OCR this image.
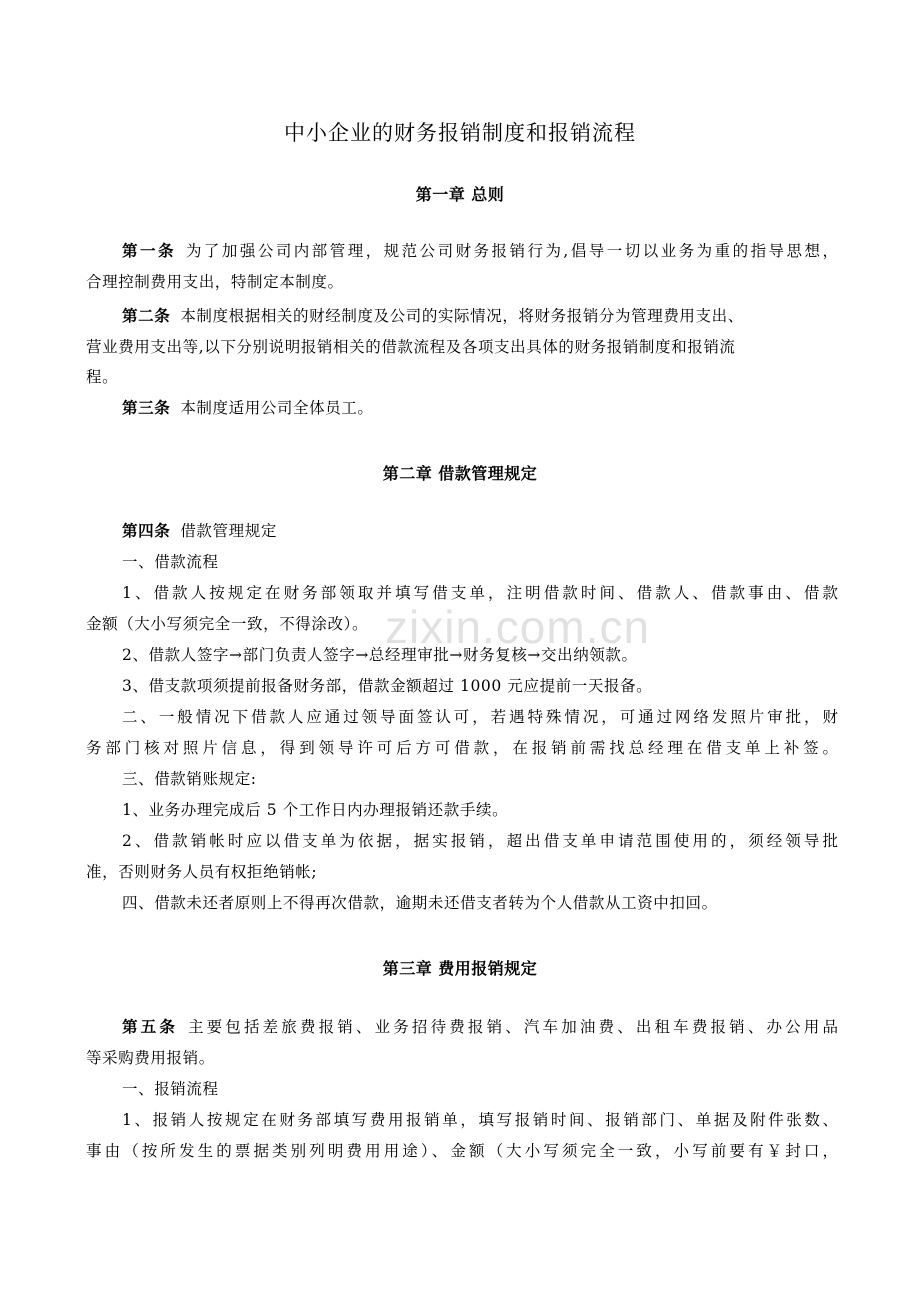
zixin.com.cn
中小企业的财务报销制度和报销流程
第一章 总则
第一条 为了加强公司内部管理，规范公司财务报销行为,倡导一切以业务为重的指导思想，
合理控制费用支出，特制定本制度。
第二条 本制度根据相关的财经制度及公司的实际情况，将财务报销分为管理费用支出、
营业费用支出等,以下分别说明报销相关的借款流程及各项支出具体的财务报销制度和报销流
程。
第三条 本制度适用公司全体员工。
第二章 借款管理规定
第四条 借款管理规定
一、借款流程
1、借款人按规定在财务部领取并填写借支单，注明借款时间、借款人、借款事由、借款
金额（大小写须完全一致，不得涂改）。
2、借款人签字→部门负责人签字→总经理审批→财务复核→交出纳领款。
3、借支款项须提前报备财务部，借款金额超过 1000 元应提前一天报备。
二、一般情况下借款人应通过领导面签认可，若遇特殊情况，可通过网络发照片审批，财
务部门核对照片信息，得到领导许可后方可借款，在报销前需找总经理在借支单上补签。
三、借款销账规定:
1、业务办理完成后 5 个工作日内办理报销还款手续。
2、借款销帐时应以借支单为依据，据实报销，超出借支单申请范围使用的，须经领导批
准，否则财务人员有权拒绝销帐;
四、借款未还者原则上不得再次借款，逾期未还借支者转为个人借款从工资中扣回。
第三章 费用报销规定
第五条 主要包括差旅费报销、业务招待费报销、汽车加油费、出租车费报销、办公用品
等采购费用报销。
一、报销流程
1、报销人按规定在财务部填写费用报销单，填写报销时间、报销部门、单据及附件张数、
事由（按所发生的票据类别列明费用用途）、金额（大小写须完全一致，小写前要有￥封口，
